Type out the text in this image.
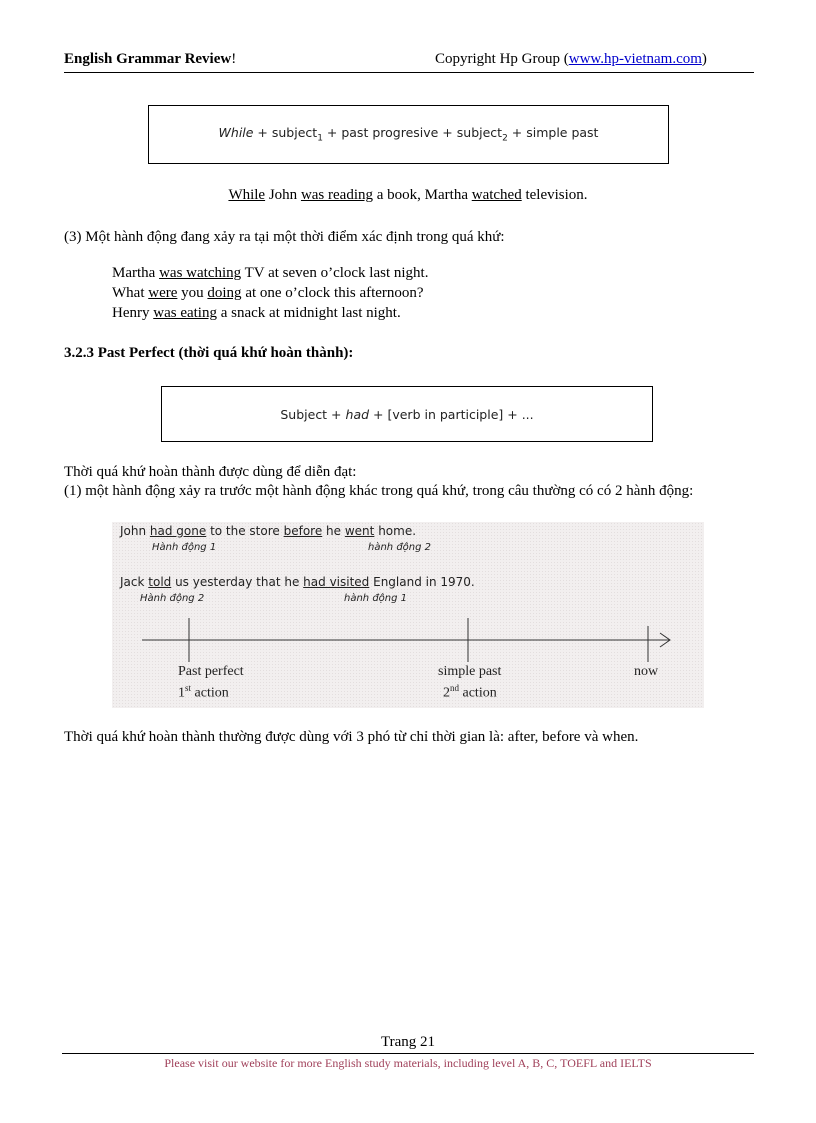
English Grammar Review!	Copyright Hp Group (www.hp-vietnam.com)
While + subject$_1$ + past progresive + subject$_2$ + simple past
While John was reading a book, Martha watched television.
(3) Một hành động đang xảy ra tại một thời điểm xác định trong quá khứ:
Martha was watching TV at seven o’clock last night.
What were you doing at one o’clock this afternoon?
Henry was eating a snack at midnight last night.
3.2.3 Past Perfect (thời quá khứ hoàn thành):
Subject + had + [verb in participle] + ...
Thời quá khứ hoàn thành được dùng để diễn đạt:
(1) một hành động xảy ra trước một hành động khác trong quá khứ, trong câu thường có có 2 hành động:
John had gone to the store before he went home.
Hành động 1	hành động 2
Jack told us yesterday that he had visited England in 1970.
Hành động 2	hành động 1
Past perfect
1st action
simple past
2nd action
now
Thời quá khứ hoàn thành thường được dùng với 3 phó từ chỉ thời gian là: after, before và when.
Trang 21
Please visit our website for more English study materials, including level A, B, C, TOEFL and IELTS
